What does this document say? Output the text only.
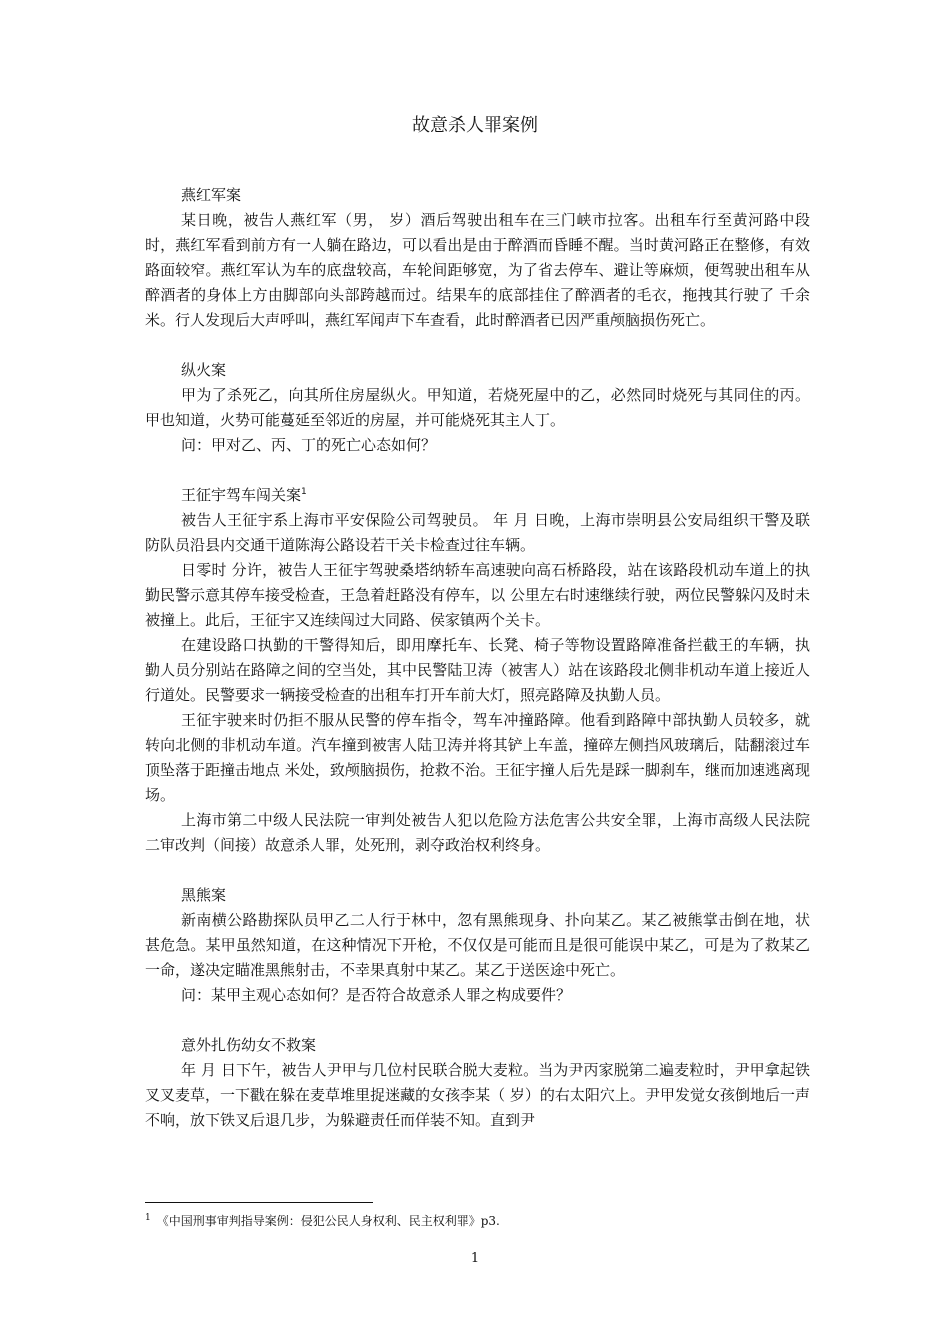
故意杀人罪案例

燕红军案

某日晚，被告人燕红军（男， 岁）酒后驾驶出租车在三门峡市拉客。出租车行至黄河路中段时，燕红军看到前方有一人躺在路边，可以看出是由于醉酒而昏睡不醒。当时黄河路正在整修，有效路面较窄。燕红军认为车的底盘较高，车轮间距够宽，为了省去停车、避让等麻烦，便驾驶出租车从醉酒者的身体上方由脚部向头部跨越而过。结果车的底部挂住了醉酒者的毛衣，拖拽其行驶了 千余米。行人发现后大声呼叫，燕红军闻声下车查看，此时醉酒者已因严重颅脑损伤死亡。

纵火案

甲为了杀死乙，向其所住房屋纵火。甲知道，若烧死屋中的乙，必然同时烧死与其同住的丙。甲也知道，火势可能蔓延至邻近的房屋，并可能烧死其主人丁。

问：甲对乙、丙、丁的死亡心态如何？

王征宇驾车闯关案$^1$

被告人王征宇系上海市平安保险公司驾驶员。 年 月 日晚，上海市崇明县公安局组织干警及联防队员沿县内交通干道陈海公路设若干关卡检查过往车辆。

日零时 分许，被告人王征宇驾驶桑塔纳轿车高速驶向高石桥路段，站在该路段机动车道上的执勤民警示意其停车接受检查，王急着赶路没有停车，以 公里左右时速继续行驶，两位民警躲闪及时未被撞上。此后，王征宇又连续闯过大同路、侯家镇两个关卡。

在建设路口执勤的干警得知后，即用摩托车、长凳、椅子等物设置路障准备拦截王的车辆，执勤人员分别站在路障之间的空当处，其中民警陆卫涛（被害人）站在该路段北侧非机动车道上接近人行道处。民警要求一辆接受检查的出租车打开车前大灯，照亮路障及执勤人员。

王征宇驶来时仍拒不服从民警的停车指令，驾车冲撞路障。他看到路障中部执勤人员较多，就转向北侧的非机动车道。汽车撞到被害人陆卫涛并将其铲上车盖，撞碎左侧挡风玻璃后，陆翻滚过车顶坠落于距撞击地点 米处，致颅脑损伤，抢救不治。王征宇撞人后先是踩一脚刹车，继而加速逃离现场。

上海市第二中级人民法院一审判处被告人犯以危险方法危害公共安全罪，上海市高级人民法院二审改判（间接）故意杀人罪，处死刑，剥夺政治权利终身。

黑熊案

新南横公路勘探队员甲乙二人行于林中，忽有黑熊现身、扑向某乙。某乙被熊掌击倒在地，状甚危急。某甲虽然知道，在这种情况下开枪，不仅仅是可能而且是很可能误中某乙，可是为了救某乙一命，遂决定瞄准黑熊射击，不幸果真射中某乙。某乙于送医途中死亡。

问：某甲主观心态如何？是否符合故意杀人罪之构成要件？

意外扎伤幼女不救案

年 月 日下午，被告人尹甲与几位村民联合脱大麦粒。当为尹丙家脱第二遍麦粒时，尹甲拿起铁叉叉麦草，一下戳在躲在麦草堆里捉迷藏的女孩李某（ 岁）的右太阳穴上。尹甲发觉女孩倒地后一声不响，放下铁叉后退几步，为躲避责任而佯装不知。直到尹

$^1$ 《中国刑事审判指导案例：侵犯公民人身权利、民主权利罪》p3.
1
